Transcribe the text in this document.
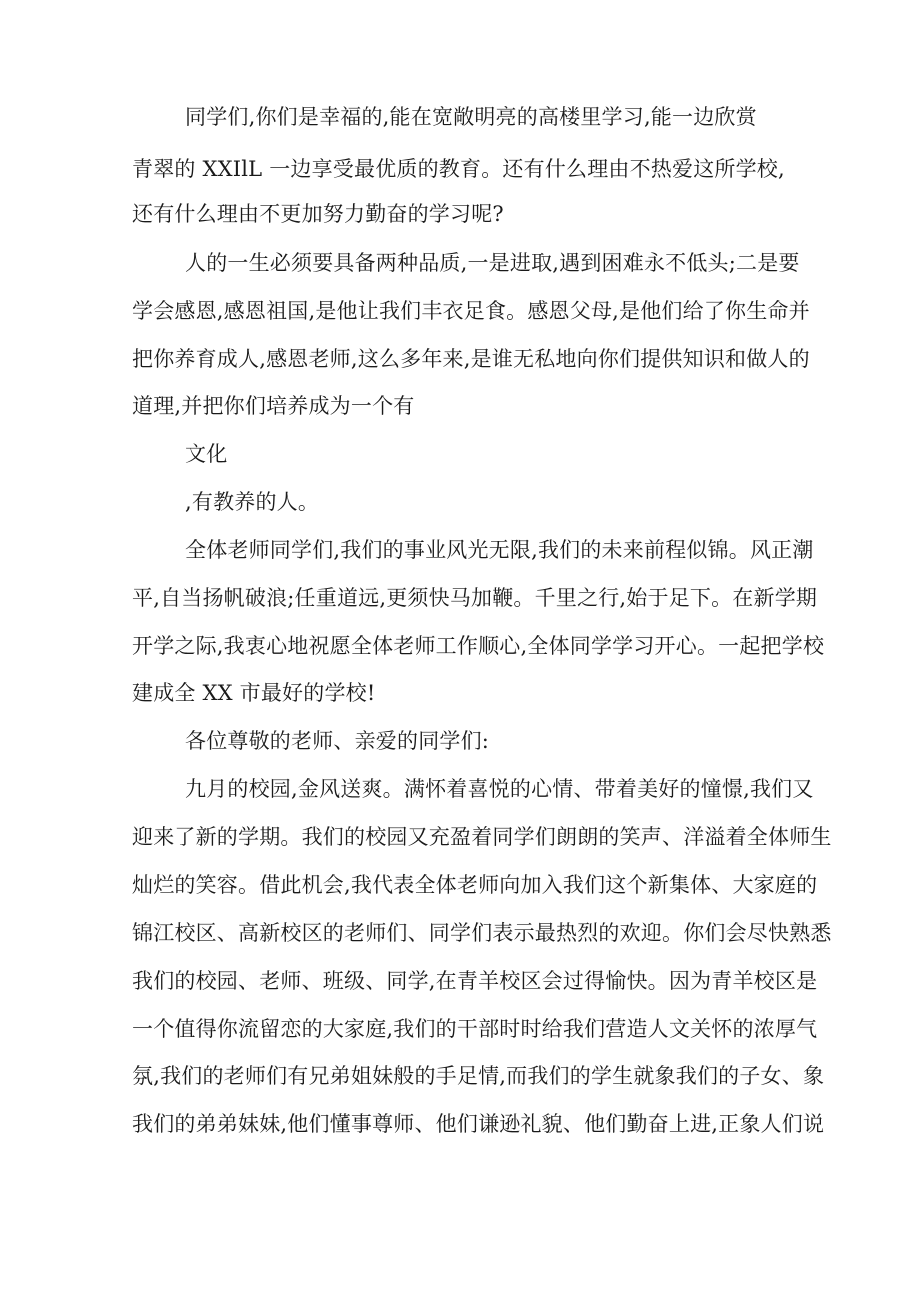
同学们,你们是幸福的,能在宽敞明亮的高楼里学习,能一边欣赏
青翠的 XXIlL 一边享受最优质的教育。还有什么理由不热爱这所学校,
还有什么理由不更加努力勤奋的学习呢?
人的一生必须要具备两种品质,一是进取,遇到困难永不低头;二是要
学会感恩,感恩祖国,是他让我们丰衣足食。感恩父母,是他们给了你生命并
把你养育成人,感恩老师,这么多年来,是谁无私地向你们提供知识和做人的
道理,并把你们培养成为一个有
文化
,有教养的人。
全体老师同学们,我们的事业风光无限,我们的未来前程似锦。风正潮
平,自当扬帆破浪;任重道远,更须快马加鞭。千里之行,始于足下。在新学期
开学之际,我衷心地祝愿全体老师工作顺心,全体同学学习开心。一起把学校
建成全 XX 市最好的学校!
各位尊敬的老师、亲爱的同学们:
九月的校园,金风送爽。满怀着喜悦的心情、带着美好的憧憬,我们又
迎来了新的学期。我们的校园又充盈着同学们朗朗的笑声、洋溢着全体师生
灿烂的笑容。借此机会,我代表全体老师向加入我们这个新集体、大家庭的
锦江校区、高新校区的老师们、同学们表示最热烈的欢迎。你们会尽快熟悉
我们的校园、老师、班级、同学,在青羊校区会过得愉快。因为青羊校区是
一个值得你流留恋的大家庭,我们的干部时时给我们营造人文关怀的浓厚气
氛,我们的老师们有兄弟姐妹般的手足情,而我们的学生就象我们的子女、象
我们的弟弟妹妹,他们懂事尊师、他们谦逊礼貌、他们勤奋上进,正象人们说
